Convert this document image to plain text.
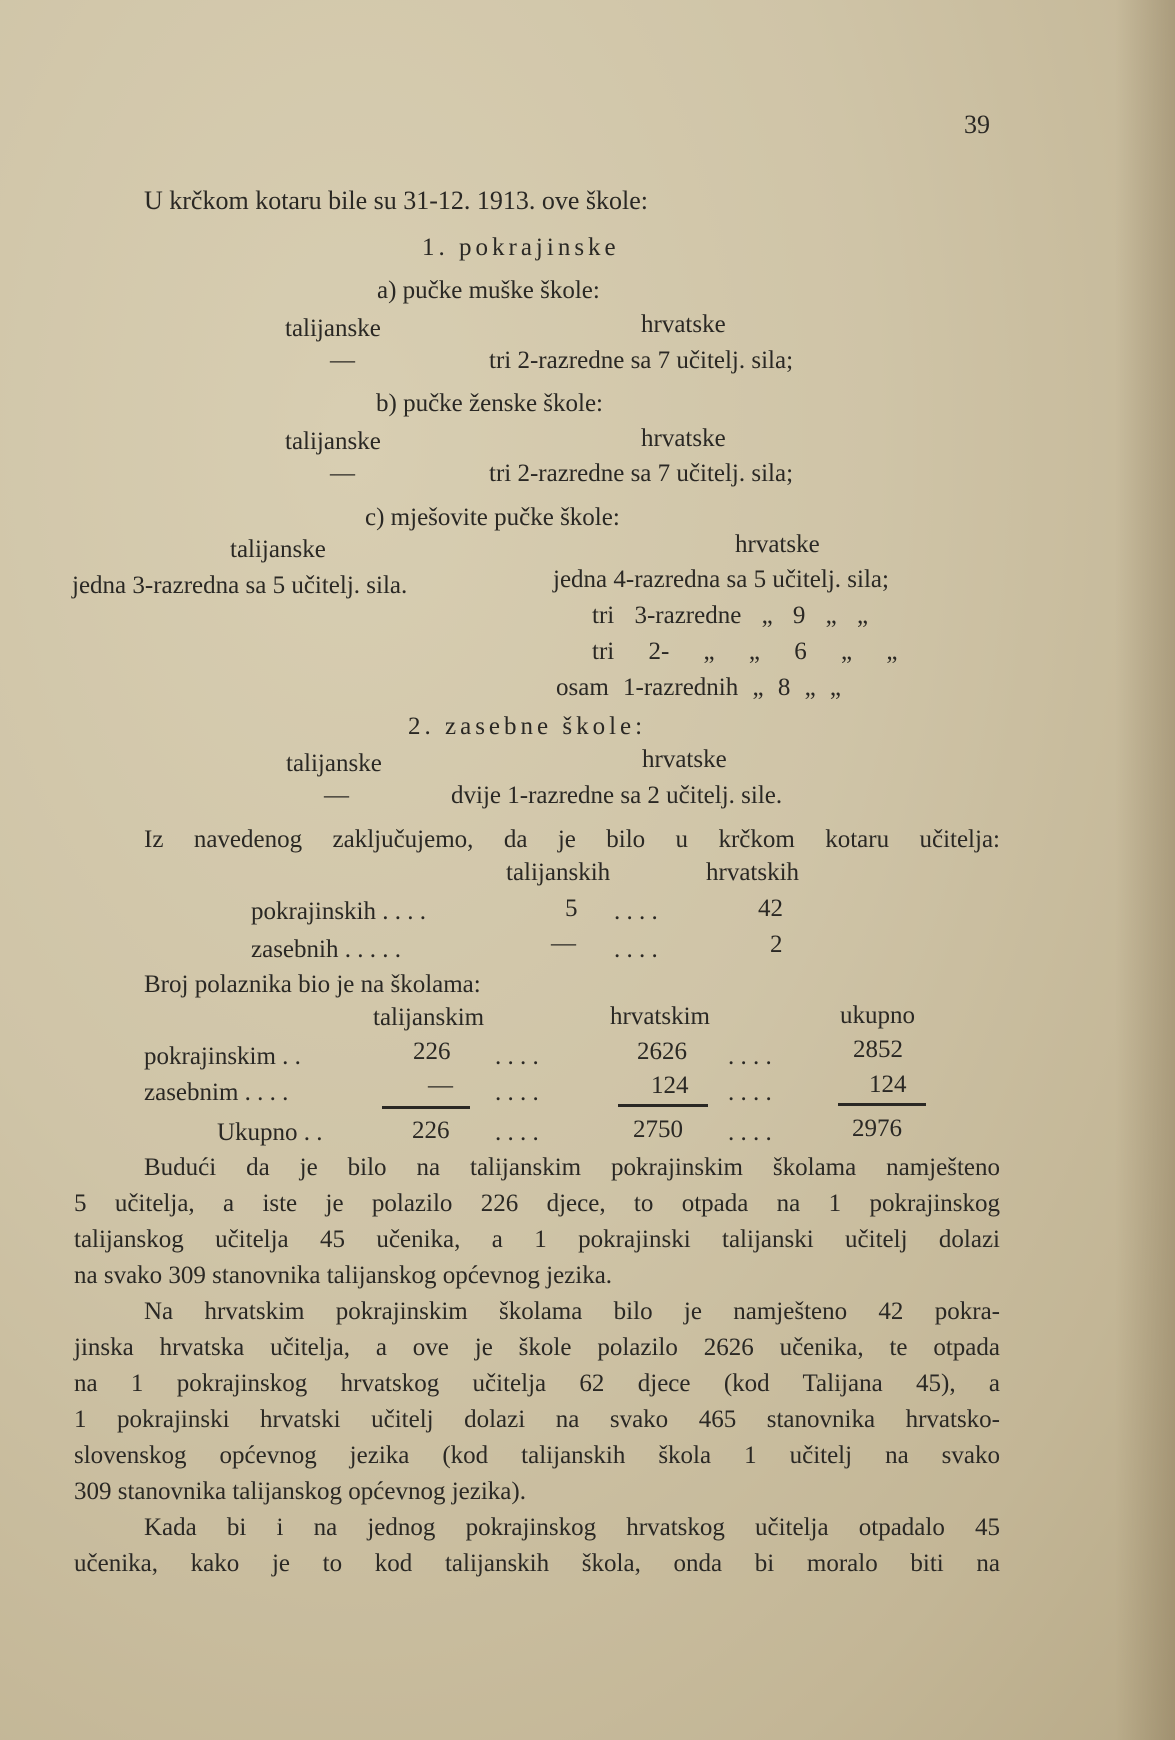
39
U krčkom kotaru bile su 31-12. 1913. ove škole:
1. pokrajinske
a) pučke muške škole:
talijanske	hrvatske
—	tri 2-razredne sa 7 učitelj. sila;
b) pučke ženske škole:
talijanske	hrvatske
—	tri 2-razredne sa 7 učitelj. sila;
c) mješovite pučke škole:
talijanske	hrvatske
jedna 3-razredna sa 5 učitelj. sila.	jedna 4-razredna sa 5 učitelj. sila;
tri 3-razredne „ 9 „ „
tri 2- „ „ 6 „ „
osam 1-razrednih „ 8 „ „
2. zasebne škole:
talijanske	hrvatske
—	dvije 1-razredne sa 2 učitelj. sile.
Iz navedenog zaključujemo, da je bilo u krčkom kotaru učitelja:
talijanskih	hrvatskih
pokrajinskih . . . .	5 . . . .	42
zasebnih . . . . .	— . . . .	2
Broj polaznika bio je na školama:
talijanskim	hrvatskim	ukupno
pokrajinskim . .	226 . . . .	2626 . . . .	2852
zasebnim . . . .	— . . . .	124 . . . .	124
Ukupno . .	226 . . . .	2750 . . . .	2976
Budući da je bilo na talijanskim pokrajinskim školama namješteno
5 učitelja, a iste je polazilo 226 djece, to otpada na 1 pokrajinskog
talijanskog učitelja 45 učenika, a 1 pokrajinski talijanski učitelj dolazi
na svako 309 stanovnika talijanskog općevnog jezika.
Na hrvatskim pokrajinskim školama bilo je namješteno 42 pokra-
jinska hrvatska učitelja, a ove je škole polazilo 2626 učenika, te otpada
na 1 pokrajinskog hrvatskog učitelja 62 djece (kod Talijana 45), a
1 pokrajinski hrvatski učitelj dolazi na svako 465 stanovnika hrvatsko-
slovenskog općevnog jezika (kod talijanskih škola 1 učitelj na svako
309 stanovnika talijanskog općevnog jezika).
Kada bi i na jednog pokrajinskog hrvatskog učitelja otpadalo 45
učenika, kako je to kod talijanskih škola, onda bi moralo biti na
